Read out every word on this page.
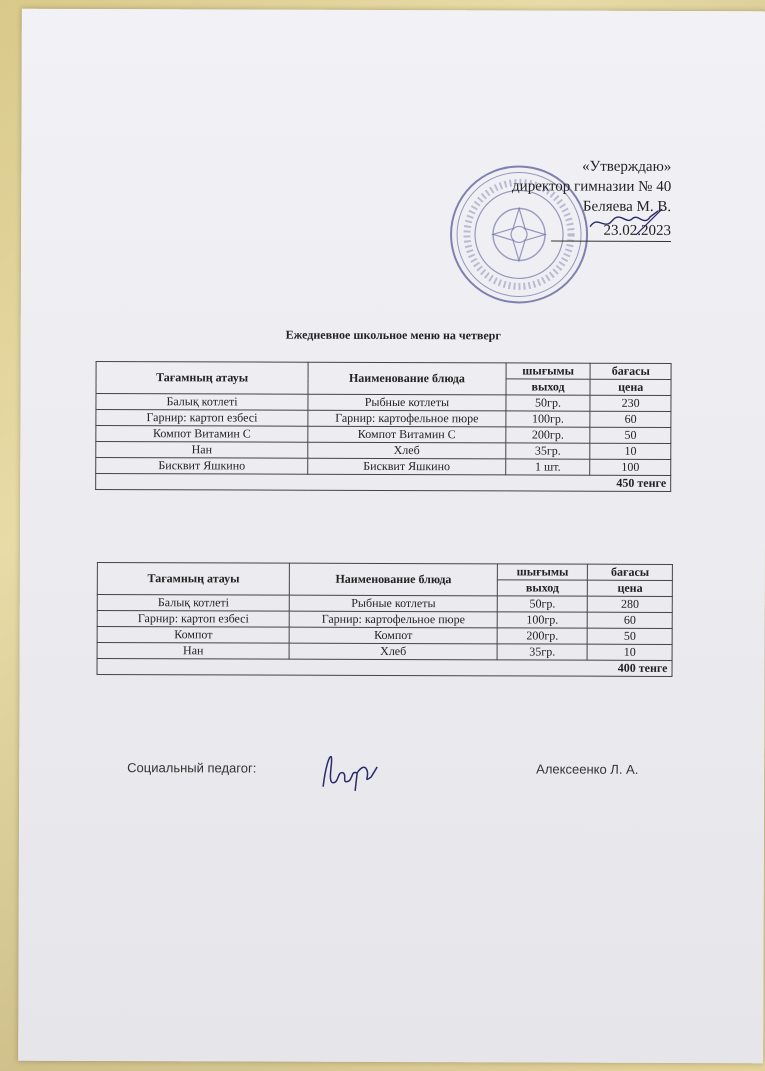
«Утверждаю»
директор гимназии № 40
Беляева М. В.
23.02.2023
Ежедневное школьное меню на четверг
Тағамның атауы	Наименование блюда	шығымы	бағасы
		выход	цена
Балық котлеті	Рыбные котлеты	50гр.	230
Гарнир: картоп езбесі	Гарнир: картофельное пюре	100гр.	60
Компот Витамин С	Компот Витамин С	200гр.	50
Нан	Хлеб	35гр.	10
Бисквит Яшкино	Бисквит Яшкино	1 шт.	100
450 тенге			
Тағамның атауы	Наименование блюда	шығымы	бағасы
		выход	цена
Балық котлеті	Рыбные котлеты	50гр.	280
Гарнир: картоп езбесі	Гарнир: картофельное пюре	100гр.	60
Компот	Компот	200гр.	50
Нан	Хлеб	35гр.	10
400 тенге			
Социальный педагог:	Алексеенко Л. А.
